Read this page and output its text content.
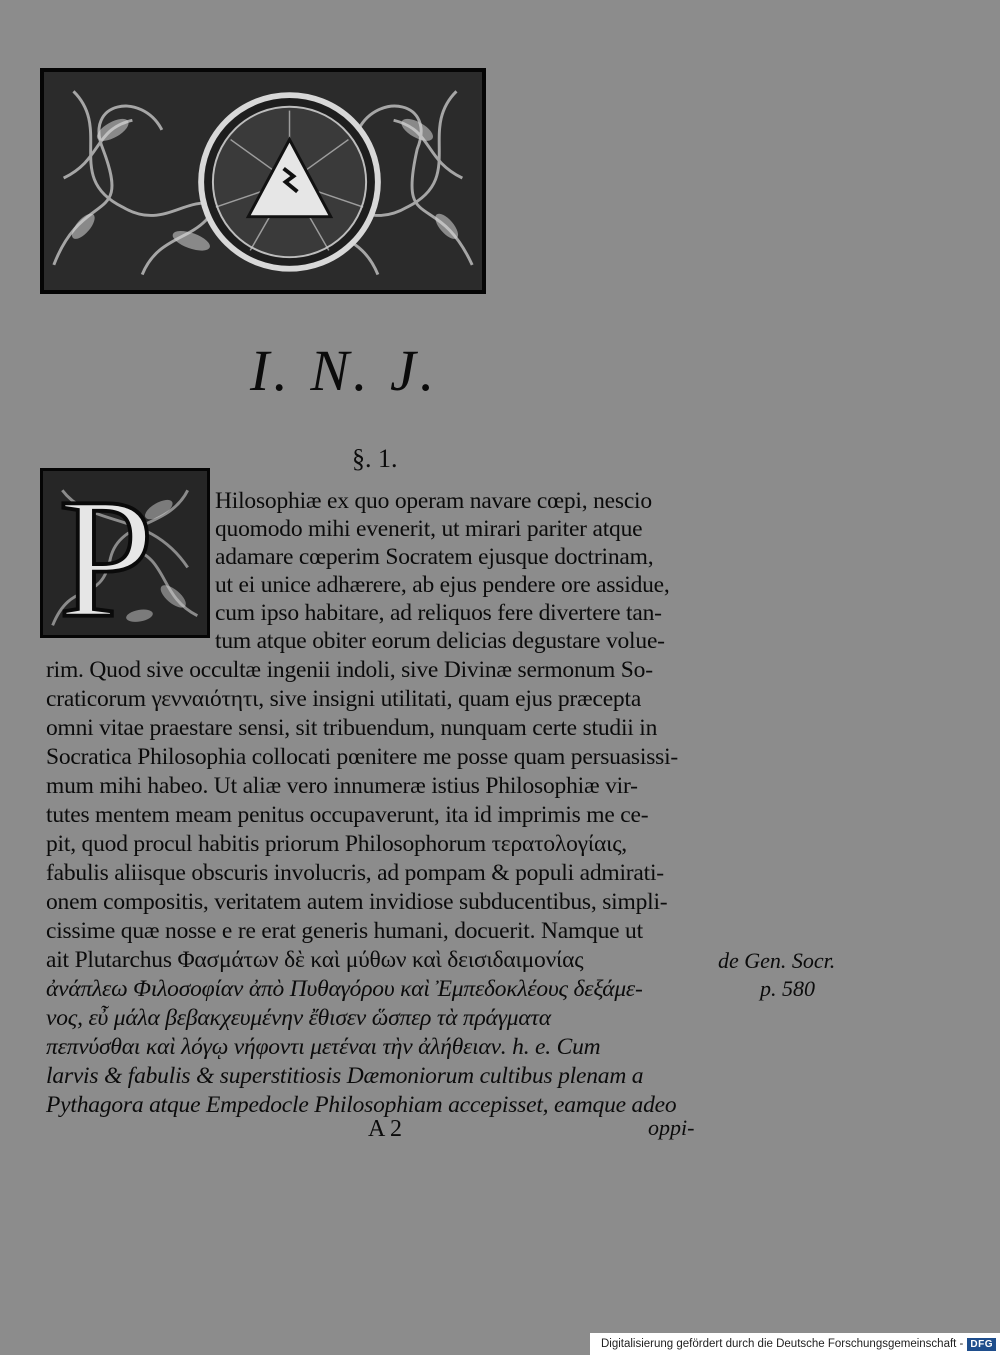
I. N. J.
§. 1.
P	Hilosophiæ ex quo operam navare cœpi, nescio
quomodo mihi evenerit, ut mirari pariter atque
adamare cœperim Socratem ejusque doctrinam,
ut ei unice adhærere, ab ejus pendere ore assidue,
cum ipso habitare, ad reliquos fere divertere tan-
tum atque obiter eorum delicias degustare volue-
rim. Quod sive occultæ ingenii indoli, sive Divinæ sermonum So-
craticorum γενναιότητι, sive insigni utilitati, quam ejus præcepta
omni vitae praestare sensi, sit tribuendum, nunquam certe studii in
Socratica Philosophia collocati pœnitere me posse quam persuasissi-
mum mihi habeo. Ut aliæ vero innumeræ istius Philosophiæ vir-
tutes mentem meam penitus occupaverunt, ita id imprimis me ce-
pit, quod procul habitis priorum Philosophorum τερατολογίαις,
fabulis aliisque obscuris involucris, ad pompam & populi admirati-
onem compositis, veritatem autem invidiose subducentibus, simpli-
cissime quæ nosse e re erat generis humani, docuerit. Namque ut
ait Plutarchus Φασμάτων δὲ καὶ μύθων καὶ δεισιδαιμονίας
ἀνάπλεω Φιλοσοφίαν ἀπὸ Πυθαγόρου καὶ Ἐμπεδοκλέους δεξάμε-
νος, εὖ μάλα βεβακχευμένην ἔθισεν ὥσπερ τὰ πράγματα
πεπνύσθαι καὶ λόγῳ νήφοντι μετέναι τὴν ἀλήθειαν. h. e. Cum
larvis & fabulis & superstitiosis Dæmoniorum cultibus plenam a
Pythagora atque Empedocle Philosophiam accepisset, eamque adeo
de Gen. Socr.
p. 580
A 2	oppi-
Digitalisierung gefördert durch die Deutsche Forschungsgemeinschaft - DFG
